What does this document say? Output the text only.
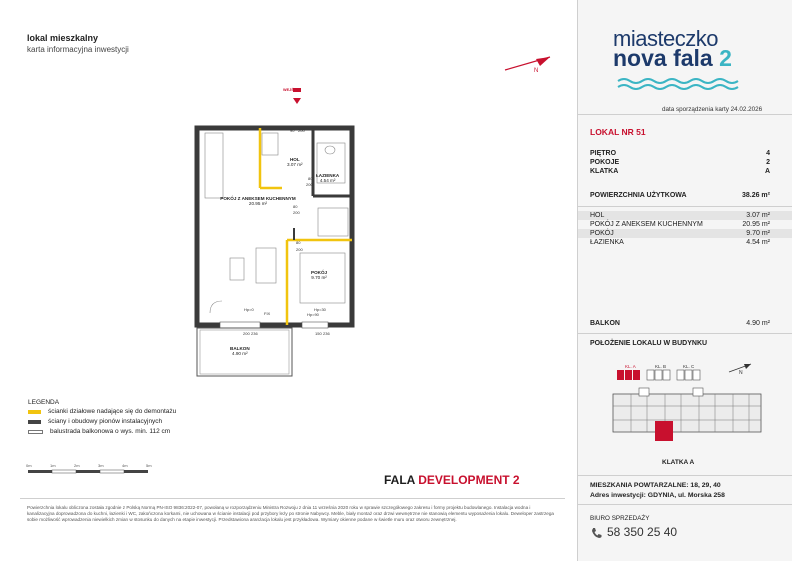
lokal mieszkalny
karta informacyjna inwestycji
N
miasteczko
nova fala 2
data sporządzenia karty 24.02.2026
LOKAL NR 51
PIĘTRO	4
POKOJE	2
KLATKA	A
POWIERZCHNIA UŻYTKOWA	38.26 m²
HOL	3.07 m²
POKÓJ Z ANEKSEM KUCHENNYM	20.95 m²
POKÓJ	9.70 m²
ŁAZIENKA	4.54 m²
BALKON	4.90 m²
POŁOŻENIE LOKALU W BUDYNKU
KL. A	KL. B	KL. C
N
KLATKA A
MIESZKANIA POWTARZALNE: 18, 29, 40
Adres inwestycji: GDYNIA, ul. Morska 258
BIURO SPRZEDAŻY
58 350 25 40
WEJŚCIE
HOL
3.07 m²
ŁAZIENKA
4.54 m²
POKÓJ Z ANEKSEM KUCHENNYM
20.95 m²
POKÓJ
9.70 m²
BALKON
4.90 m²
90 200
80
200
80
200
80
200
Hp=0
FIX
Hp=30
Hp=90
200 236	150 236
LEGENDA
ścianki działowe nadające się do demontażu
ściany i obudowy pionów instalacyjnych
balustrada balkonowa o wys. min. 112 cm
0m	1m	2m	3m	4m	5m
FALA DEVELOPMENT 2
Powierzchnia lokalu obliczona została zgodnie z Polską Normą PN-ISO 9836:2022-07, powołaną w rozporządzeniu Ministra Rozwoju z dnia 11 września 2020 roku w sprawie szczegółowego zakresu i formy projektu budowlanego. Instalacja wodna i kanalizacyjna doprowadzona do kuchni, łazienki i WC, zakończona korkami, nie uchowana w ścianie instalacji pod przybory leży po stronie Nabywcy. Meble, biały montaż oraz drzwi wewnętrzne nie stanowią elementu wyposażenia lokalu. Deweloper zastrzega sobie możliwość wprowadzenia niewielkich zmian w stosunku do danych na etapie inwestycji. Przedstawiona aranżacja lokalu jest przykładowa. Wymiary okienne podane w świetle muru oraz otworu zewnętrznej.
